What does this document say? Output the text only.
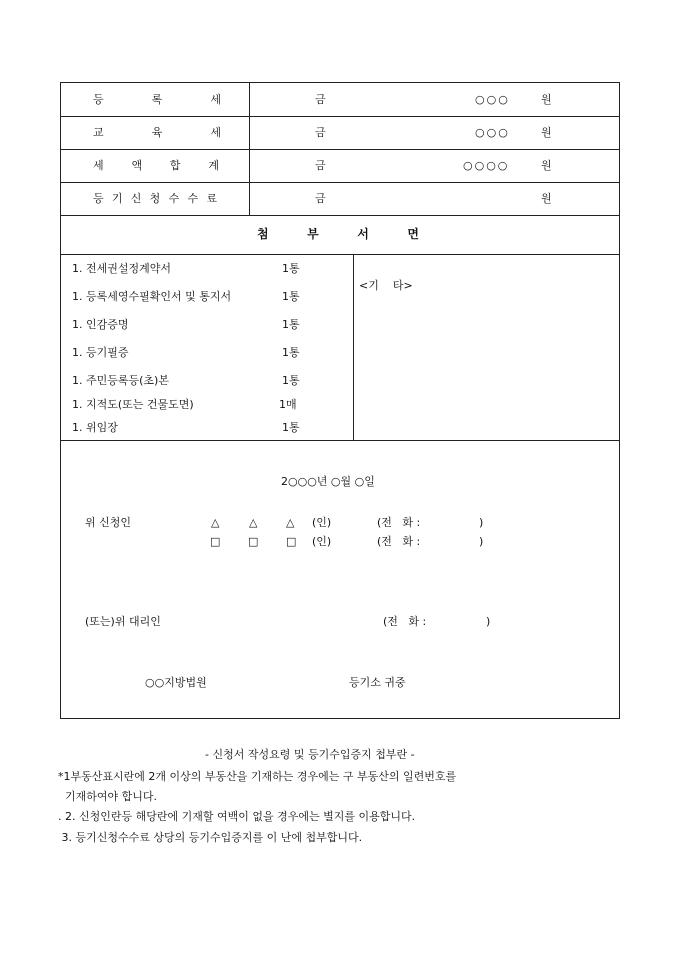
등	록	세	금	○○○	원
교	육	세	금	○○○	원
세	액	합	계	금	○○○○	원
등 기 신 청 수 수 료	금	원
첨	부	서	면
1. 전세권설정계약서	1통
1. 등록세영수필확인서 및 통지서	1통
1. 인감증명	1통
1. 등기필증	1통
1. 주민등록등(초)본	1통
1. 지적도(또는 건물도면)	1매
1. 위임장	1통
<기    타>
2○○○년 ○월 ○일
위 신청인	△	△	△ (인)	(전   화 :	)
□	□	□ (인)	(전   화 :	)
(또는)위 대리인	(전   화 :	)
○○지방법원	등기소 귀중
- 신청서 작성요령 및 등기수입증지 첩부란 -
*1부동산표시란에 2개 이상의 부동산을 기재하는 경우에는 구 부동산의 일련번호를
기재하여야 합니다.
. 2. 신청인란등 해당란에 기재할 여백이 없을 경우에는 별지를 이용합니다.
3. 등기신청수수료 상당의 등기수입증지를 이 난에 첩부합니다.
